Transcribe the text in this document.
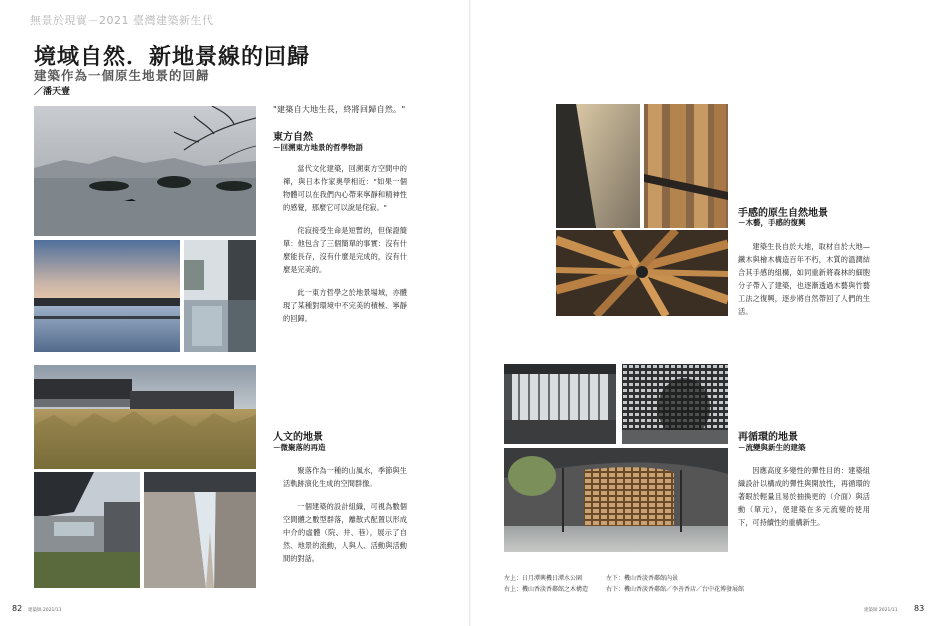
無景於現實－2021 臺灣建築新生代
境域自然．新地景線的回歸
建築作為一個原生地景的回歸
／潘天壹
"建築自大地生長，終將回歸自然。"
東方自然
－回溯東方地景的哲學物語

當代文化建築，回溯東方空間中的禪，與日本作家奧學相近："如果一個物體可以在我們內心帶來寧靜和精神性的感覺，那麼它可以說是侘寂。"

侘寂接受生命是短暫的，但保證簡單：他包含了三個簡單的事實：沒有什麼能長存，沒有什麼是完成的，沒有什麼是完美的。

此一東方哲學之於地景場域，亦體現了某種對環境中不完美的積極、寧靜的回歸。

人文的地景
－微聚落的再造

聚落作為一種的山風水，季節與生活軌跡演化生成的空間群像。

一個建築的設計組織，可視為數個空間體之數型群落，離散式配置以形成中介的虛體（院、井、巷），展示了自然、地景的流動，人與人、活動與活動間的對話。

手感的原生自然地景
－木藝，手感的復興

建築生長自於大地，取材自於大地—鐵木與檜木構造百年不朽，木質的溫潤結合其手感的組構，如同重新將森林的細胞分子帶入了建築，也逐漸透過木藝與竹藝工法之復興，逐步將自然帶回了人們的生活。

再循環的地景
－流變與新生的建築

因應高度多變性的彈性目的：建築組織設計以構成的彈性與開放性，再循環的著眼於輕量且易於抽換更的（介面）與活動（單元），使建築在多元流變的使用下，可持續性的重構新生。

左上：日月潭興機日潭水公園
右上：機山香淡香鄰館之木構造
左下：機山香淡香鄰館內景
右下：機山香淡香鄰館／李善香店／台中花博發展館
82 建築師 2021/11	建築師 2021/11 83
